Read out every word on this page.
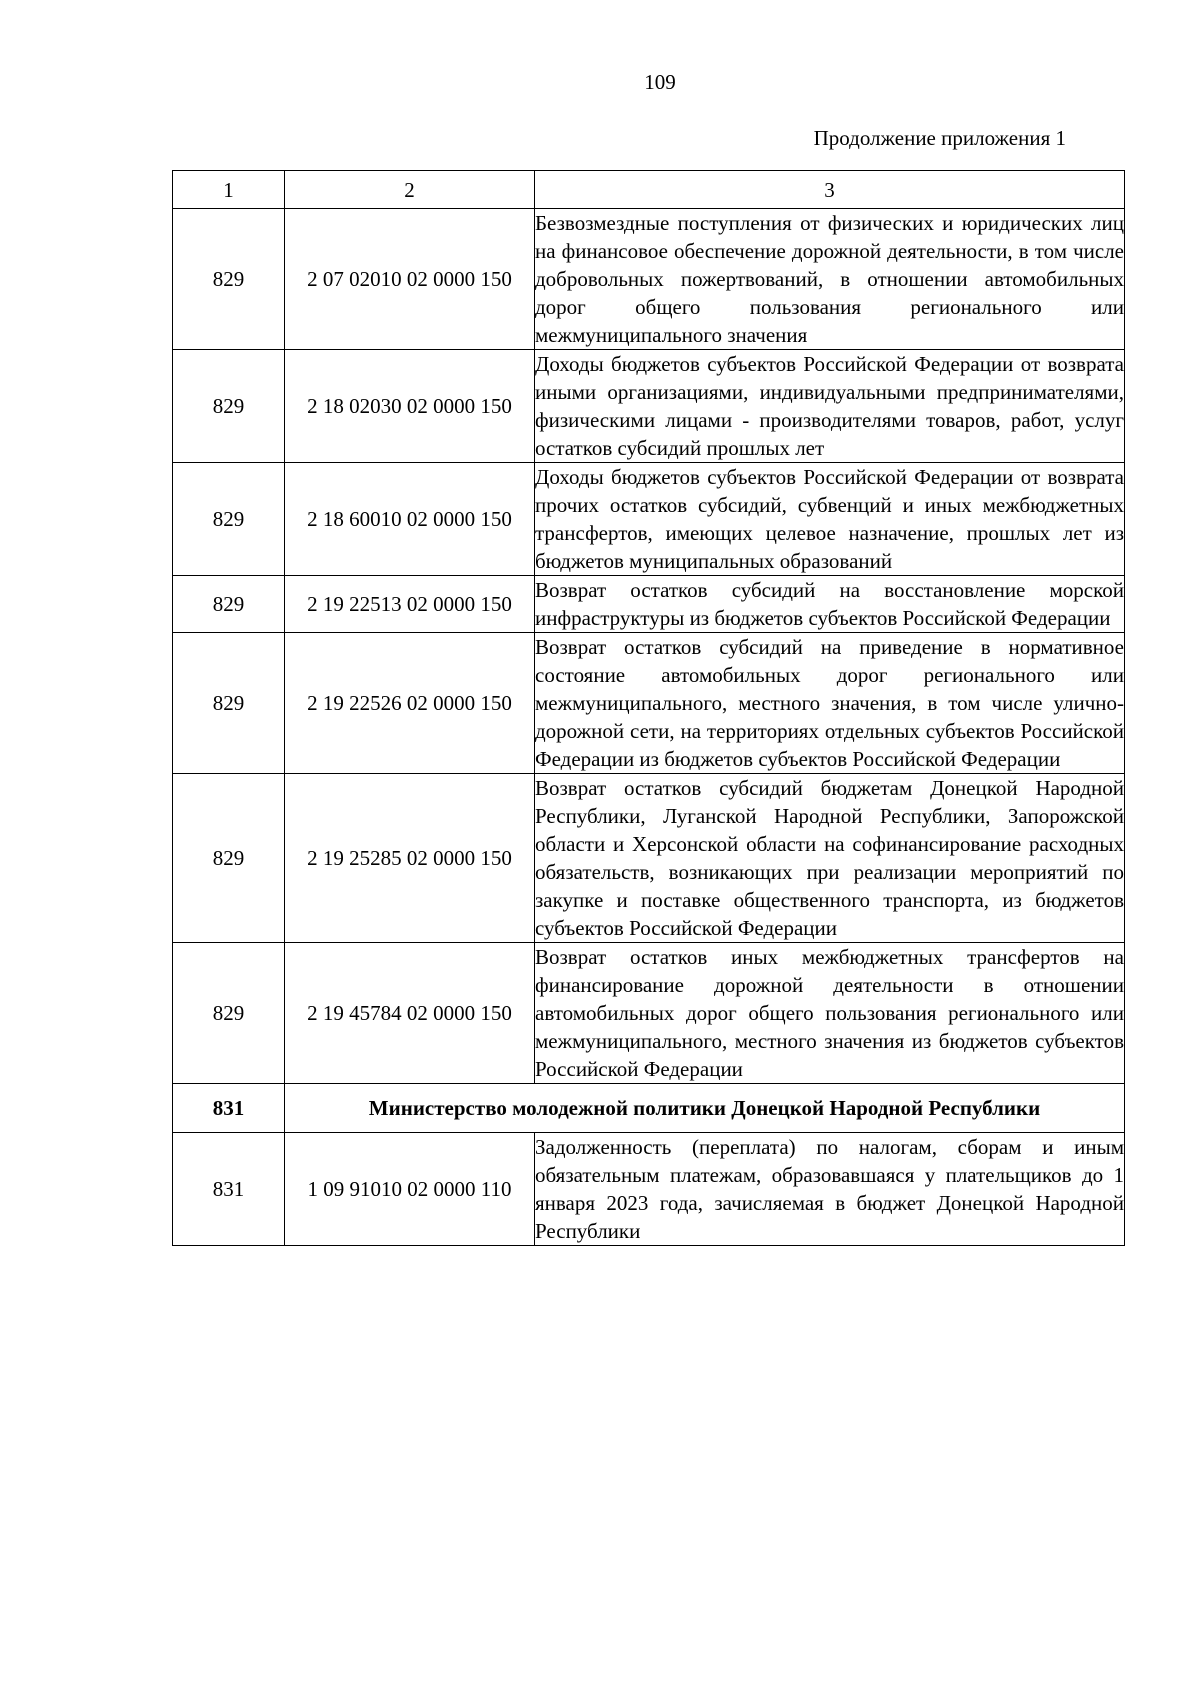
109
Продолжение приложения 1
1	2	3
829	2 07 02010 02 0000 150	Безвозмездные поступления от физических и юридических лиц на финансовое обеспечение дорожной деятельности, в том числе добровольных пожертвований, в отношении автомобильных дорог общего пользования регионального или межмуниципального значения
829	2 18 02030 02 0000 150	Доходы бюджетов субъектов Российской Федерации от возврата иными организациями, индивидуальными предпринимателями, физическими лицами - производителями товаров, работ, услуг остатков субсидий прошлых лет
829	2 18 60010 02 0000 150	Доходы бюджетов субъектов Российской Федерации от возврата прочих остатков субсидий, субвенций и иных межбюджетных трансфертов, имеющих целевое назначение, прошлых лет из бюджетов муниципальных образований
829	2 19 22513 02 0000 150	Возврат остатков субсидий на восстановление морской инфраструктуры из бюджетов субъектов Российской Федерации
829	2 19 22526 02 0000 150	Возврат остатков субсидий на приведение в нормативное состояние автомобильных дорог регионального или межмуниципального, местного значения, в том числе улично-дорожной сети, на территориях отдельных субъектов Российской Федерации из бюджетов субъектов Российской Федерации
829	2 19 25285 02 0000 150	Возврат остатков субсидий бюджетам Донецкой Народной Республики, Луганской Народной Республики, Запорожской области и Херсонской области на софинансирование расходных обязательств, возникающих при реализации мероприятий по закупке и поставке общественного транспорта, из бюджетов субъектов Российской Федерации
829	2 19 45784 02 0000 150	Возврат остатков иных межбюджетных трансфертов на финансирование дорожной деятельности в отношении автомобильных дорог общего пользования регионального или межмуниципального, местного значения из бюджетов субъектов Российской Федерации
831	Министерство молодежной политики Донецкой Народной Республики	
831	1 09 91010 02 0000 110	Задолженность (переплата) по налогам, сборам и иным обязательным платежам, образовавшаяся у плательщиков до 1 января 2023 года, зачисляемая в бюджет Донецкой Народной Республики
